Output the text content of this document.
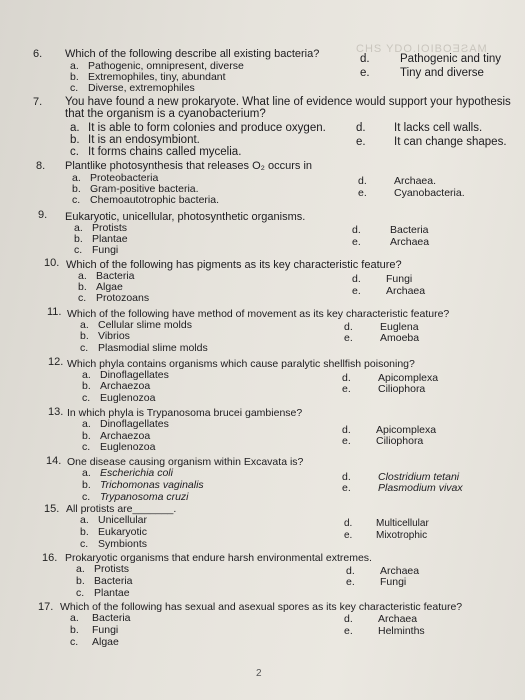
CHS YDO.IOIBOƎƧAM
6. Which of the following describe all existing bacteria?
a. Pathogenic, omnipresent, diverse
b. Extremophiles, tiny, abundant
c. Diverse, extremophiles
d.	Pathogenic and tiny
e.	Tiny and diverse
7. You have found a new prokaryote. What line of evidence would support your hypothesis
that the organism is a cyanobacterium?
a. It is able to form colonies and produce oxygen.
b. It is an endosymbiont.
c. It forms chains called mycelia.
d. It lacks cell walls.
e. It can change shapes.
8. Plantlike photosynthesis that releases O₂ occurs in
a. Proteobacteria
b. Gram-positive bacteria.
c. Chemoautotrophic bacteria.
d.	Archaea.
e.	Cyanobacteria.
9. Eukaryotic, unicellular, photosynthetic organisms.
a. Protists
b. Plantae
c. Fungi
d.	Bacteria
e.	Archaea
10. Which of the following has pigments as its key characteristic feature?
a. Bacteria
b. Algae
c. Protozoans
d. Fungi
e. Archaea
11. Which of the following have method of movement as its key characteristic feature?
a. Cellular slime molds
b. Vibrios
c. Plasmodial slime molds
d.	Euglena
e.	Amoeba
12. Which phyla contains organisms which cause paralytic shellfish poisoning?
a. Dinoflagellates
b. Archaezoa
c. Euglenozoa
d.	Apicomplexa
e.	Ciliophora
13. In which phyla is Trypanosoma brucei gambiense?
a. Dinoflagellates
b. Archaezoa
c. Euglenozoa
d. Apicomplexa
e. Ciliophora
14. One disease causing organism within Excavata is?
a. Escherichia coli
b. Trichomonas vaginalis
c. Trypanosoma cruzi
d.	Clostridium tetani
e.	Plasmodium vivax
15. All protists are_______.
a. Unicellular
b. Eukaryotic
c. Symbionts
d. Multicellular
e. Mixotrophic
16. Prokaryotic organisms that endure harsh environmental extremes.
a. Protists
b. Bacteria
c. Plantae
d. Archaea
e. Fungi
17. Which of the following has sexual and asexual spores as its key characteristic feature?
a. Bacteria
b. Fungi
c. Algae
d. Archaea
e. Helminths
2
